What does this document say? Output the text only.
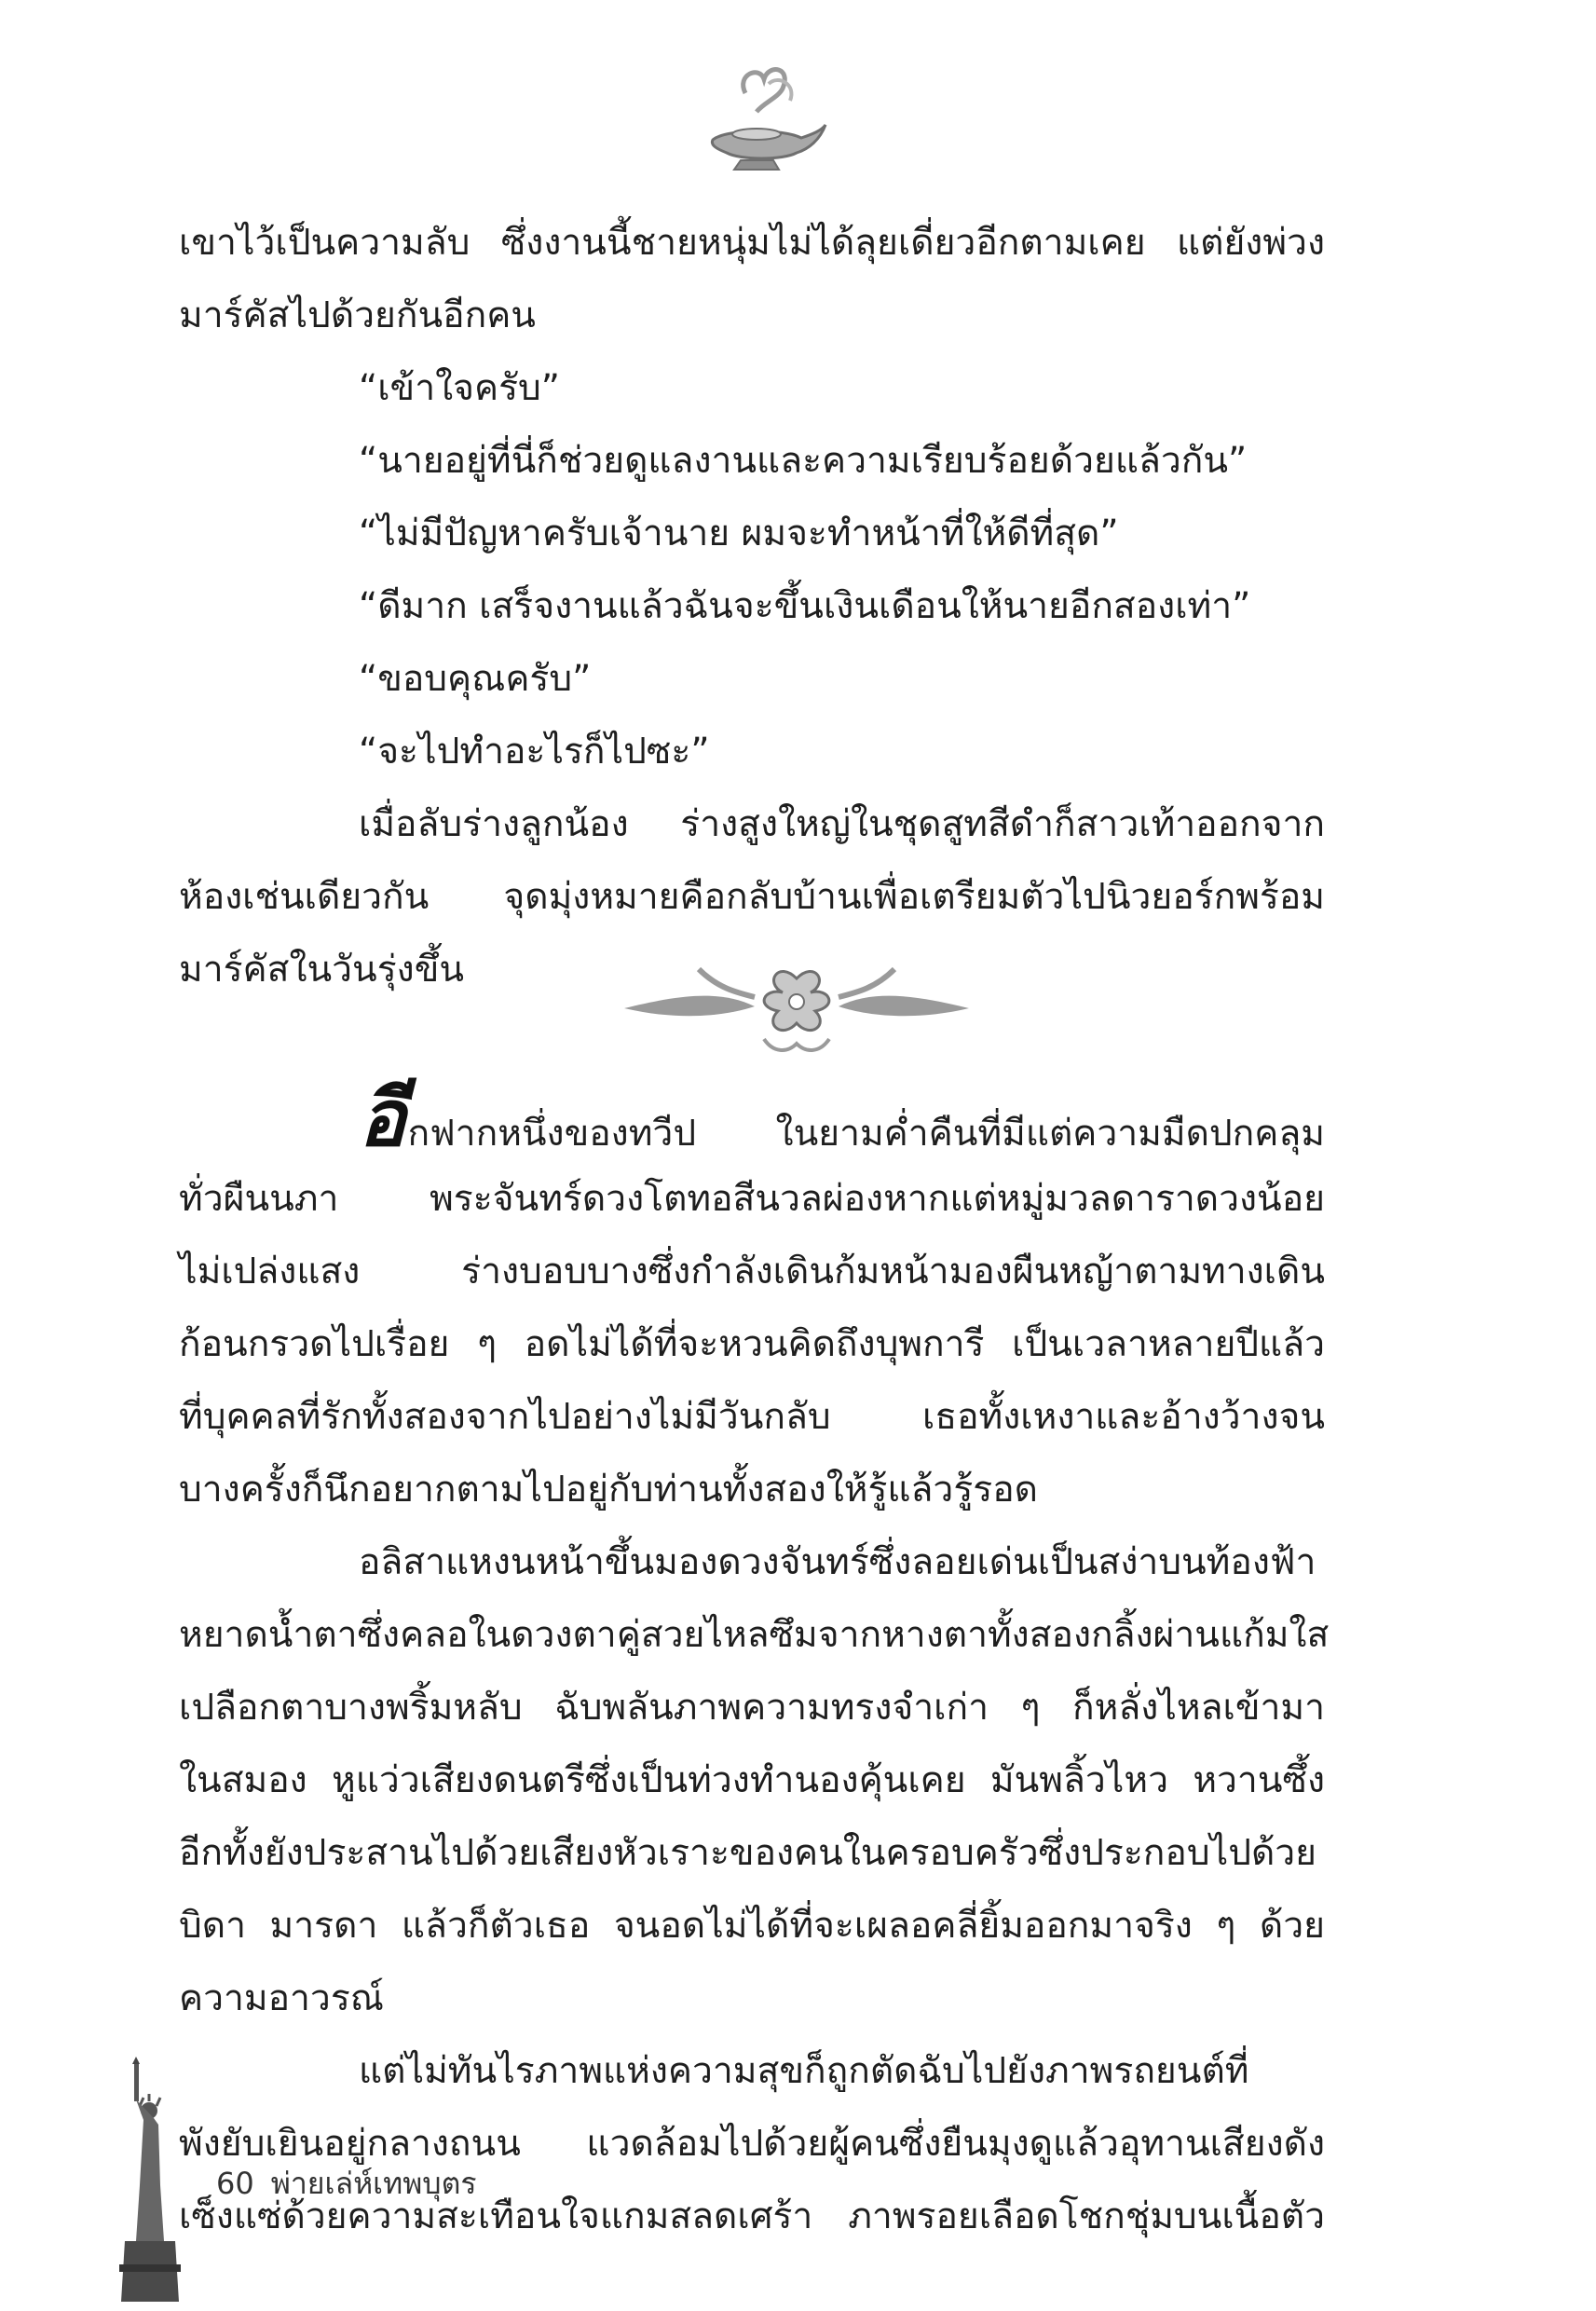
เขาไว้เป็นความลับ ซึ่งงานนี้ชายหนุ่มไม่ได้ลุยเดี่ยวอีกตามเคย แต่ยังพ่วง
มาร์คัสไปด้วยกันอีกคน
“เข้าใจครับ”
“นายอยู่ที่นี่ก็ช่วยดูแลงานและความเรียบร้อยด้วยแล้วกัน”
“ไม่มีปัญหาครับเจ้านาย ผมจะทำหน้าที่ให้ดีที่สุด”
“ดีมาก เสร็จงานแล้วฉันจะขึ้นเงินเดือนให้นายอีกสองเท่า”
“ขอบคุณครับ”
“จะไปทำอะไรก็ไปซะ”
เมื่อลับร่างลูกน้อง ร่างสูงใหญ่ในชุดสูทสีดำก็สาวเท้าออกจาก
ห้องเช่นเดียวกัน จุดมุ่งหมายคือกลับบ้านเพื่อเตรียมตัวไปนิวยอร์กพร้อม
มาร์คัสในวันรุ่งขึ้น
อีกฟากหนึ่งของทวีป ในยามค่ำคืนที่มีแต่ความมืดปกคลุม
ทั่วผืนนภา พระจันทร์ดวงโตทอสีนวลผ่องหากแต่หมู่มวลดาราดวงน้อย
ไม่เปล่งแสง ร่างบอบบางซึ่งกำลังเดินก้มหน้ามองผืนหญ้าตามทางเดิน
ก้อนกรวดไปเรื่อย ๆ อดไม่ได้ที่จะหวนคิดถึงบุพการี เป็นเวลาหลายปีแล้ว
ที่บุคคลที่รักทั้งสองจากไปอย่างไม่มีวันกลับ เธอทั้งเหงาและอ้างว้างจน
บางครั้งก็นึกอยากตามไปอยู่กับท่านทั้งสองให้รู้แล้วรู้รอด
อลิสาแหงนหน้าขึ้นมองดวงจันทร์ซึ่งลอยเด่นเป็นสง่าบนท้องฟ้า
หยาดน้ำตาซึ่งคลอในดวงตาคู่สวยไหลซึมจากหางตาทั้งสองกลิ้งผ่านแก้มใส
เปลือกตาบางพริ้มหลับ ฉับพลันภาพความทรงจำเก่า ๆ ก็หลั่งไหลเข้ามา
ในสมอง หูแว่วเสียงดนตรีซึ่งเป็นท่วงทำนองคุ้นเคย มันพลิ้วไหว หวานซึ้ง
อีกทั้งยังประสานไปด้วยเสียงหัวเราะของคนในครอบครัวซึ่งประกอบไปด้วย
บิดา มารดา แล้วก็ตัวเธอ จนอดไม่ได้ที่จะเผลอคลี่ยิ้มออกมาจริง ๆ ด้วย
ความอาวรณ์
แต่ไม่ทันไรภาพแห่งความสุขก็ถูกตัดฉับไปยังภาพรถยนต์ที่
พังยับเยินอยู่กลางถนน แวดล้อมไปด้วยผู้คนซึ่งยืนมุงดูแล้วอุทานเสียงดัง
เซ็งแซ่ด้วยความสะเทือนใจแกมสลดเศร้า ภาพรอยเลือดโชกชุ่มบนเนื้อตัว
60 พ่ายเล่ห์เทพบุตร
